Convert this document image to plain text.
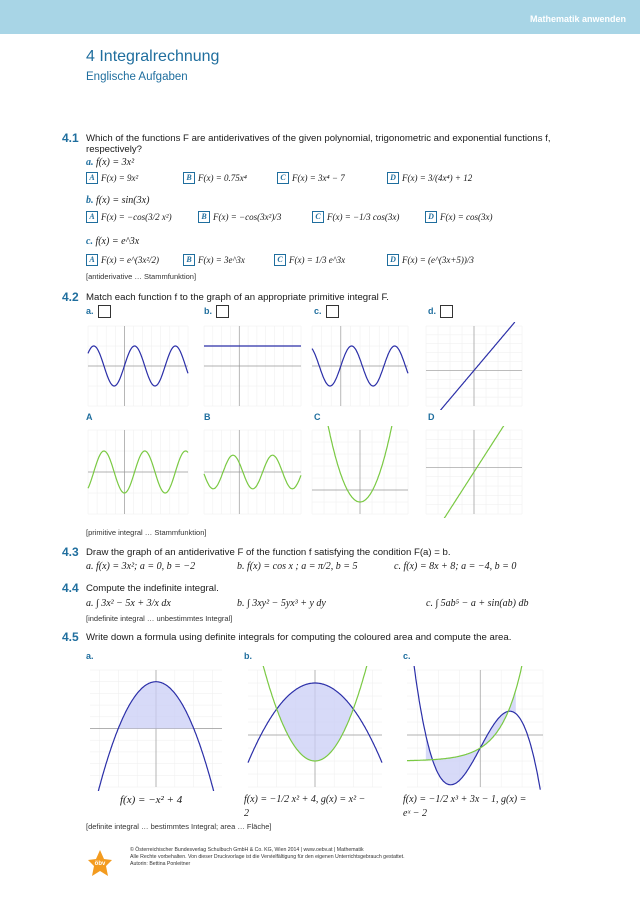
Mathematik anwenden
4 Integralrechnung
Englische Aufgaben
4.1 Which of the functions F are antiderivatives of the given polynomial, trigonometric and exponential functions f, respectively?
a. f(x) = 3x²
A F(x) = 9x²	B F(x) = 0.75x⁴	C F(x) = 3x⁴ − 7	D F(x) = 3/(4x⁴) + 12
b. f(x) = sin(3x)
A F(x) = −cos(3/2 x²)	B F(x) = −cos(3x²)/3	C F(x) = −1/3 cos(3x)	D F(x) = cos(3x)
c. f(x) = e^3x
A F(x) = e^(3x²/2)	B F(x) = 3e^3x	C F(x) = 1/3 e^3x	D F(x) = (e^(3x+5))/3
[antiderivative … Stammfunktion]
4.2 Match each function f to the graph of an appropriate primitive integral F.
a.	b.	c.	d.
A	B	C	D
[primitive integral … Stammfunktion]
4.3 Draw the graph of an antiderivative F of the function f satisfying the condition F(a) = b.
a. f(x) = 3x²; a = 0, b = −2	b. f(x) = cos x ; a = π/2, b = 5	c. f(x) = 8x + 8; a = −4, b = 0
4.4 Compute the indefinite integral.
a. ∫ 3x² − 5x + 3/x dx	b. ∫ 3xy² − 5yx³ + y dy	c. ∫ 5ab⁵ − a + sin(ab) db
[indefinite integral … unbestimmtes Integral]
4.5 Write down a formula using definite integrals for computing the coloured area and compute the area.
a.	b.	c.
f(x) = −x² + 4	f(x) = −1/2 x² + 4, g(x) = x² −
2
f(x) = −1/2 x³ + 3x − 1, g(x) =
eˣ − 2
[definite integral … bestimmtes Integral; area … Fläche]
öbv
© Österreichischer Bundesverlag Schulbuch GmbH & Co. KG, Wien 2014 | www.oebv.at | Mathematik
Alle Rechte vorbehalten. Von dieser Druckvorlage ist die Vervielfältigung für den eigenen Unterrichtsgebrauch gestattet.
Autorin: Bettina Ponleitner
